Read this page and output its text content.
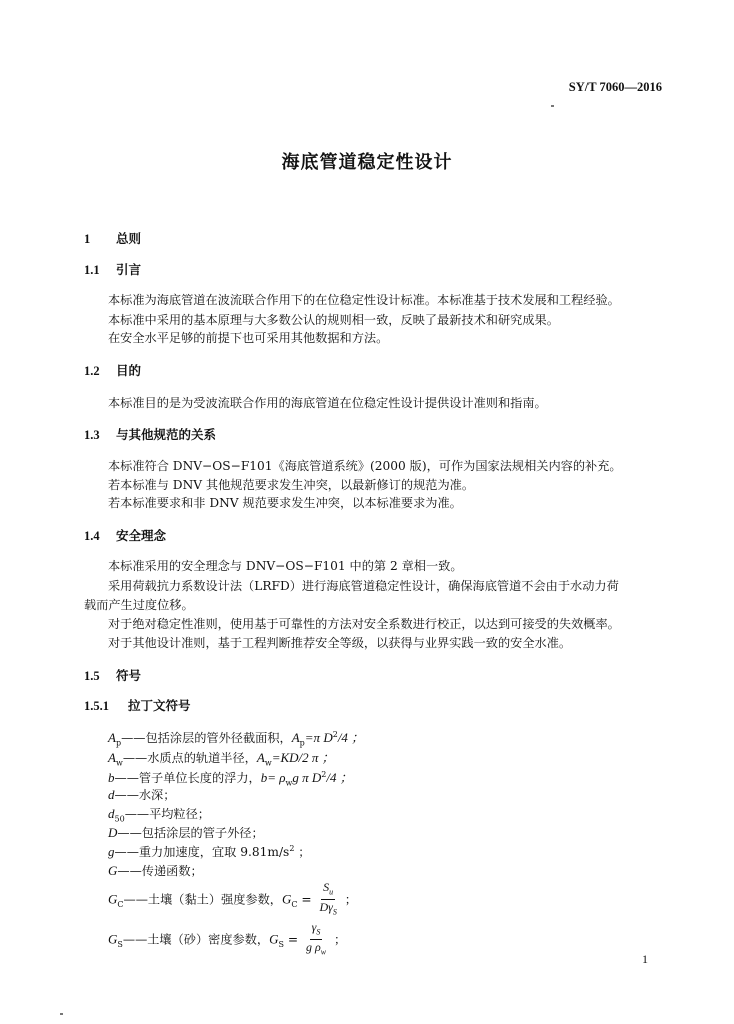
SY/T 7060—2016
海底管道稳定性设计
1 总则
1.1 引言
本标准为海底管道在波流联合作用下的在位稳定性设计标准。本标准基于技术发展和工程经验。
本标准中采用的基本原理与大多数公认的规则相一致，反映了最新技术和研究成果。
在安全水平足够的前提下也可采用其他数据和方法。
1.2 目的
本标准目的是为受波流联合作用的海底管道在位稳定性设计提供设计准则和指南。
1.3 与其他规范的关系
本标准符合 DNV−OS−F101《海底管道系统》(2000 版)，可作为国家法规相关内容的补充。
若本标准与 DNV 其他规范要求发生冲突，以最新修订的规范为准。
若本标准要求和非 DNV 规范要求发生冲突，以本标准要求为准。
1.4 安全理念
本标准采用的安全理念与 DNV−OS−F101 中的第 2 章相一致。
采用荷载抗力系数设计法（LRFD）进行海底管道稳定性设计，确保海底管道不会由于水动力荷
载而产生过度位移。
对于绝对稳定性准则，使用基于可靠性的方法对安全系数进行校正，以达到可接受的失效概率。
对于其他设计准则，基于工程判断推荐安全等级，以获得与业界实践一致的安全水准。
1.5 符号
1.5.1 拉丁文符号
$A_p——$包括涂层的管外径截面积，$A_p=\pi$ $D^2/4$ ；
$A_w——$水质点的轨道半径，$A_w=KD/2$ π ；
b——管子单位长度的浮力，$b= \rho_wg$ π $D^2/4$ ；
d——水深；
$d_{50}——$平均粒径；
D——包括涂层的管子外径；
g——重力加速度，宜取 $9.81m/s^2$ ；
G——传递函数；
$G_C——$土壤（黏土）强度参数，$G_C = \frac{S_u}{D\gamma_S}$ ；
$G_S——$土壤（砂）密度参数，$G_S = \frac{\gamma_S}{g \rho_w}$ ；
1
